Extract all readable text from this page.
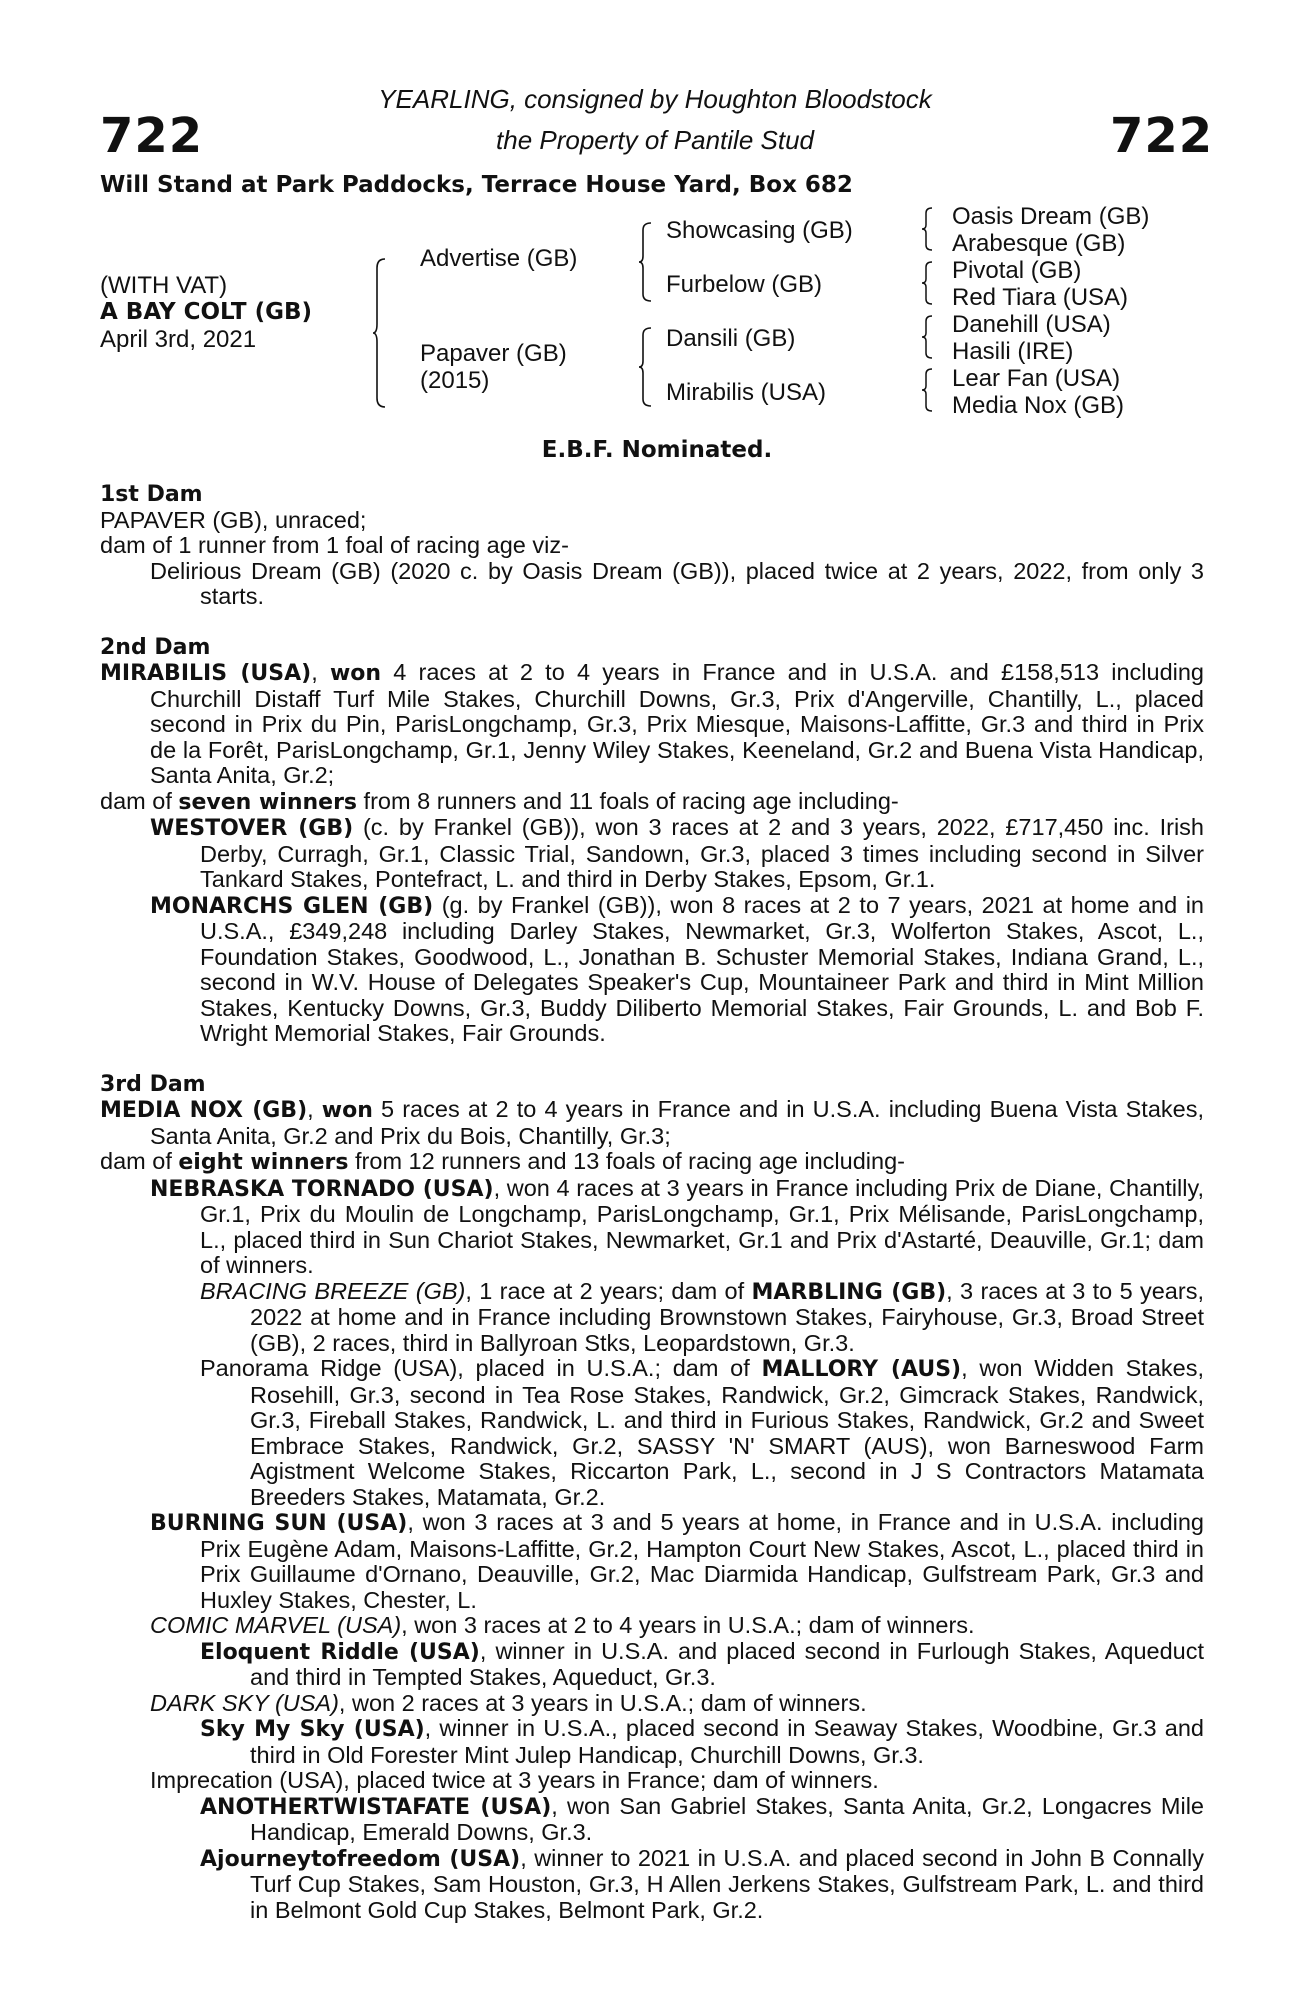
722	722
YEARLING, consigned by Houghton Bloodstock
the Property of Pantile Stud
Will Stand at Park Paddocks, Terrace House Yard, Box 682
(WITH VAT)
A BAY COLT (GB)
April 3rd, 2021
Advertise (GB)
Papaver (GB)
(2015)
Showcasing (GB)
Furbelow (GB)
Dansili (GB)
Mirabilis (USA)
Oasis Dream (GB)
Arabesque (GB)
Pivotal (GB)
Red Tiara (USA)
Danehill (USA)
Hasili (IRE)
Lear Fan (USA)
Media Nox (GB)
E.B.F. Nominated.
1st Dam

PAPAVER (GB), unraced;

dam of 1 runner from 1 foal of racing age viz-

Delirious Dream (GB) (2020 c. by Oasis Dream (GB)), placed twice at 2 years, 2022, from only 3 starts.

2nd Dam

MIRABILIS (USA), won 4 races at 2 to 4 years in France and in U.S.A. and £158,513 including Churchill Distaff Turf Mile Stakes, Churchill Downs, Gr.3, Prix d'Angerville, Chantilly, L., placed second in Prix du Pin, ParisLongchamp, Gr.3, Prix Miesque, Maisons-Laffitte, Gr.3 and third in Prix de la Forêt, ParisLongchamp, Gr.1, Jenny Wiley Stakes, Keeneland, Gr.2 and Buena Vista Handicap, Santa Anita, Gr.2;

dam of seven winners from 8 runners and 11 foals of racing age including-

WESTOVER (GB) (c. by Frankel (GB)), won 3 races at 2 and 3 years, 2022, £717,450 inc. Irish Derby, Curragh, Gr.1, Classic Trial, Sandown, Gr.3, placed 3 times including second in Silver Tankard Stakes, Pontefract, L. and third in Derby Stakes, Epsom, Gr.1.

MONARCHS GLEN (GB) (g. by Frankel (GB)), won 8 races at 2 to 7 years, 2021 at home and in U.S.A., £349,248 including Darley Stakes, Newmarket, Gr.3, Wolferton Stakes, Ascot, L., Foundation Stakes, Goodwood, L., Jonathan B. Schuster Memorial Stakes, Indiana Grand, L., second in W.V. House of Delegates Speaker's Cup, Mountaineer Park and third in Mint Million Stakes, Kentucky Downs, Gr.3, Buddy Diliberto Memorial Stakes, Fair Grounds, L. and Bob F. Wright Memorial Stakes, Fair Grounds.

3rd Dam

MEDIA NOX (GB), won 5 races at 2 to 4 years in France and in U.S.A. including Buena Vista Stakes, Santa Anita, Gr.2 and Prix du Bois, Chantilly, Gr.3;

dam of eight winners from 12 runners and 13 foals of racing age including-

NEBRASKA TORNADO (USA), won 4 races at 3 years in France including Prix de Diane, Chantilly, Gr.1, Prix du Moulin de Longchamp, ParisLongchamp, Gr.1, Prix Mélisande, ParisLongchamp, L., placed third in Sun Chariot Stakes, Newmarket, Gr.1 and Prix d'Astarté, Deauville, Gr.1; dam of winners.

BRACING BREEZE (GB), 1 race at 2 years; dam of MARBLING (GB), 3 races at 3 to 5 years, 2022 at home and in France including Brownstown Stakes, Fairyhouse, Gr.3, Broad Street (GB), 2 races, third in Ballyroan Stks, Leopardstown, Gr.3.

Panorama Ridge (USA), placed in U.S.A.; dam of MALLORY (AUS), won Widden Stakes, Rosehill, Gr.3, second in Tea Rose Stakes, Randwick, Gr.2, Gimcrack Stakes, Randwick, Gr.3, Fireball Stakes, Randwick, L. and third in Furious Stakes, Randwick, Gr.2 and Sweet Embrace Stakes, Randwick, Gr.2, SASSY 'N' SMART (AUS), won Barneswood Farm Agistment Welcome Stakes, Riccarton Park, L., second in J S Contractors Matamata Breeders Stakes, Matamata, Gr.2.

BURNING SUN (USA), won 3 races at 3 and 5 years at home, in France and in U.S.A. including Prix Eugène Adam, Maisons-Laffitte, Gr.2, Hampton Court New Stakes, Ascot, L., placed third in Prix Guillaume d'Ornano, Deauville, Gr.2, Mac Diarmida Handicap, Gulfstream Park, Gr.3 and Huxley Stakes, Chester, L.

COMIC MARVEL (USA), won 3 races at 2 to 4 years in U.S.A.; dam of winners.

Eloquent Riddle (USA), winner in U.S.A. and placed second in Furlough Stakes, Aqueduct and third in Tempted Stakes, Aqueduct, Gr.3.

DARK SKY (USA), won 2 races at 3 years in U.S.A.; dam of winners.

Sky My Sky (USA), winner in U.S.A., placed second in Seaway Stakes, Woodbine, Gr.3 and third in Old Forester Mint Julep Handicap, Churchill Downs, Gr.3.

Imprecation (USA), placed twice at 3 years in France; dam of winners.

ANOTHERTWISTAFATE (USA), won San Gabriel Stakes, Santa Anita, Gr.2, Longacres Mile Handicap, Emerald Downs, Gr.3.

Ajourneytofreedom (USA), winner to 2021 in U.S.A. and placed second in John B Connally Turf Cup Stakes, Sam Houston, Gr.3, H Allen Jerkens Stakes, Gulfstream Park, L. and third in Belmont Gold Cup Stakes, Belmont Park, Gr.2.
